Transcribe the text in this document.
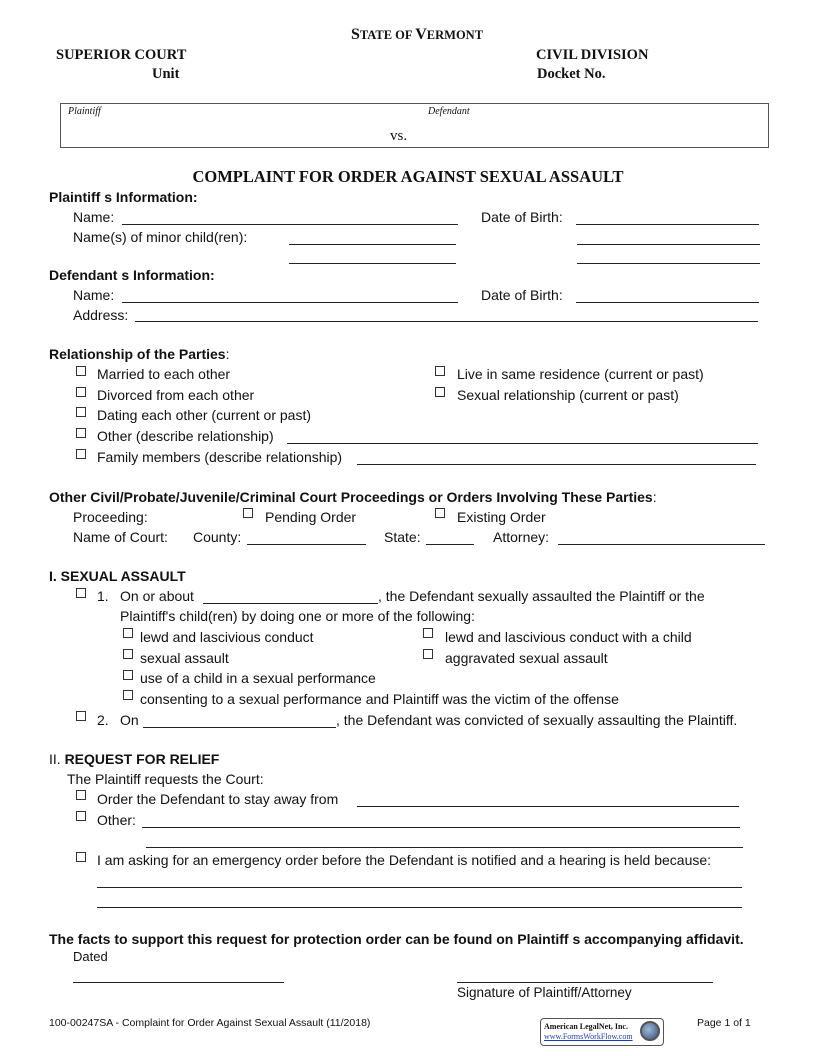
STATE OF VERMONT
SUPERIOR COURT
Unit
CIVIL DIVISION
Docket No.
Plaintiff	Defendant
vs.
COMPLAINT FOR ORDER AGAINST SEXUAL ASSAULT
Plaintiff s Information:
Name:	Date of Birth:
Name(s) of minor child(ren):
Defendant s Information:
Name:	Date of Birth:
Address:
Relationship of the Parties:
Married to each other
Divorced from each other
Dating each other (current or past)
Other (describe relationship)
Family members (describe relationship)
Live in same residence (current or past)
Sexual relationship (current or past)
Other Civil/Probate/Juvenile/Criminal Court Proceedings or Orders Involving These Parties:
Proceeding:	Pending Order	Existing Order
Name of Court: County:	State:	Attorney:
I. SEXUAL ASSAULT
1. On or about	, the Defendant sexually assaulted the Plaintiff or the
Plaintiff's child(ren) by doing one or more of the following:
lewd and lascivious conduct	lewd and lascivious conduct with a child
sexual assault	aggravated sexual assault
use of a child in a sexual performance
consenting to a sexual performance and Plaintiff was the victim of the offense
2. On	, the Defendant was convicted of sexually assaulting the Plaintiff.
II. REQUEST FOR RELIEF
The Plaintiff requests the Court:
Order the Defendant to stay away from
Other:
I am asking for an emergency order before the Defendant is notified and a hearing is held because:
The facts to support this request for protection order can be found on Plaintiff s accompanying affidavit.
Dated
Signature of Plaintiff/Attorney
100-00247SA - Complaint for Order Against Sexual Assault (11/2018)	American LegalNet, Inc.
www.FormsWorkFlow.com
Page 1 of 1
